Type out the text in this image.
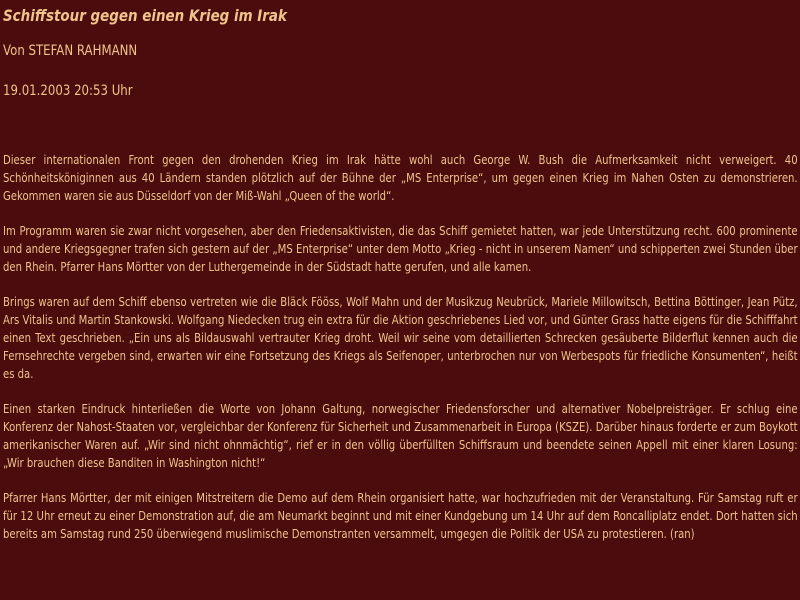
Schiffstour gegen einen Krieg im Irak
Von STEFAN RAHMANN
19.01.2003 20:53 Uhr

Dieser internationalen Front gegen den drohenden Krieg im Irak hätte wohl auch George W. Bush die Aufmerksamkeit nicht verweigert. 40 Schönheitsköniginnen aus 40 Ländern standen plötzlich auf der Bühne der „MS Enterprise“, um gegen einen Krieg im Nahen Osten zu demonstrieren. Gekommen waren sie aus Düsseldorf von der Miß-Wahl „Queen of the world“.

Im Programm waren sie zwar nicht vorgesehen, aber den Friedensaktivisten, die das Schiff gemietet hatten, war jede Unterstützung recht. 600 prominente und andere Kriegsgegner trafen sich gestern auf der „MS Enterprise“ unter dem Motto „Krieg - nicht in unserem Namen“ und schipperten zwei Stunden über den Rhein. Pfarrer Hans Mörtter von der Luthergemeinde in der Südstadt hatte gerufen, und alle kamen.

Brings waren auf dem Schiff ebenso vertreten wie die Bläck Fööss, Wolf Mahn und der Musikzug Neubrück, Mariele Millowitsch, Bettina Böttinger, Jean Pütz, Ars Vitalis und Martin Stankowski. Wolfgang Niedecken trug ein extra für die Aktion geschriebenes Lied vor, und Günter Grass hatte eigens für die Schifffahrt einen Text geschrieben. „Ein uns als Bildauswahl vertrauter Krieg droht. Weil wir seine vom detaillierten Schrecken gesäuberte Bilderflut kennen auch die Fernsehrechte vergeben sind, erwarten wir eine Fortsetzung des Kriegs als Seifenoper, unterbrochen nur von Werbespots für friedliche Konsumenten“, heißt es da.

Einen starken Eindruck hinterließen die Worte von Johann Galtung, norwegischer Friedensforscher und alternativer Nobelpreisträger. Er schlug eine Konferenz der Nahost-Staaten vor, vergleichbar der Konferenz für Sicherheit und Zusammenarbeit in Europa (KSZE). Darüber hinaus forderte er zum Boykott amerikanischer Waren auf. „Wir sind nicht ohnmächtig“, rief er in den völlig überfüllten Schiffsraum und beendete seinen Appell mit einer klaren Losung: „Wir brauchen diese Banditen in Washington nicht!“

Pfarrer Hans Mörtter, der mit einigen Mitstreitern die Demo auf dem Rhein organisiert hatte, war hochzufrieden mit der Veranstaltung. Für Samstag ruft er für 12 Uhr erneut zu einer Demonstration auf, die am Neumarkt beginnt und mit einer Kundgebung um 14 Uhr auf dem Roncalliplatz endet. Dort hatten sich bereits am Samstag rund 250 überwiegend muslimische Demonstranten versammelt, umgegen die Politik der USA zu protestieren. (ran)
